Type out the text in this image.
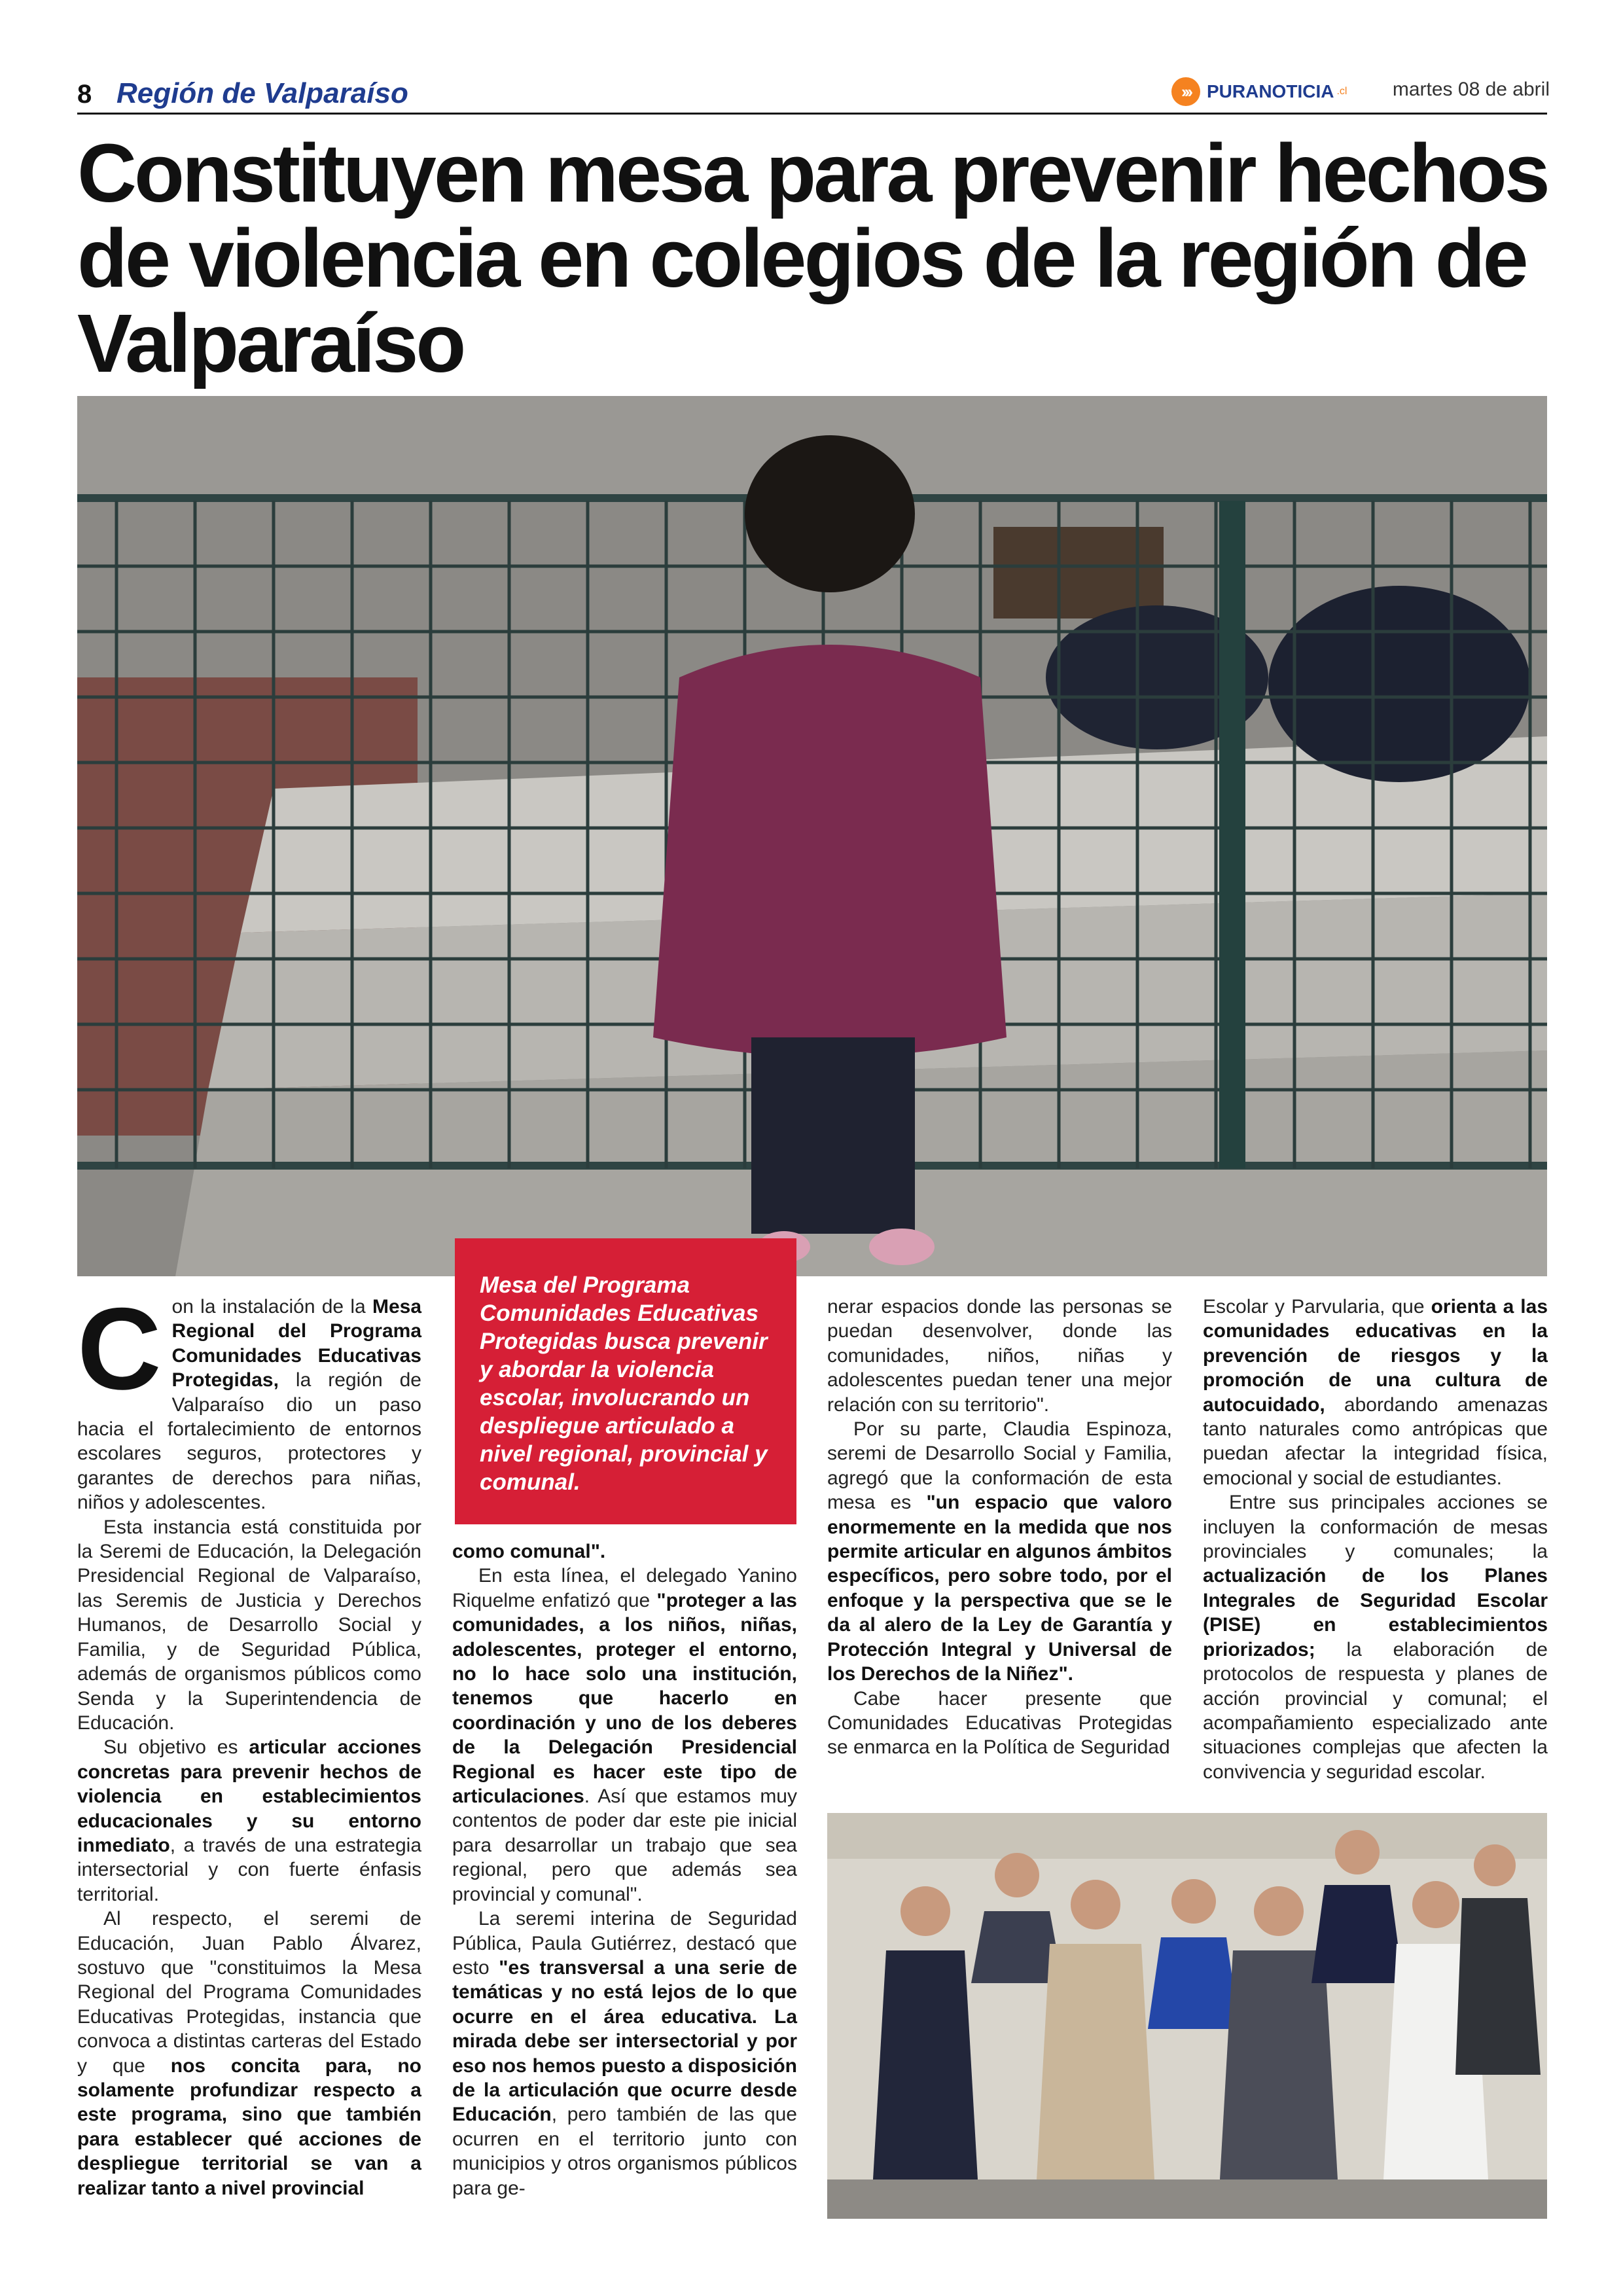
8 Región de Valparaíso	››› PURANOTICIA .cl martes 08 de abril
Constituyen mesa para prevenir hechos de violencia en colegios de la región de Valparaíso
Mesa del Programa Comunidades Educativas Protegidas busca prevenir y abordar la violencia escolar, involucrando un despliegue articulado a nivel regional, provincial y comunal.

Con la instalación de la Mesa Regional del Programa Comunidades Educativas Protegidas, la región de Valparaíso dio un paso hacia el fortalecimiento de entornos escolares seguros, protectores y garantes de derechos para niñas, niños y adolescentes.

Esta instancia está constituida por la Seremi de Educación, la Delegación Presidencial Regional de Valparaíso, las Seremis de Justicia y Derechos Humanos, de Desarrollo Social y Familia, y de Seguridad Pública, además de organismos públicos como Senda y la Superintendencia de Educación.

Su objetivo es articular acciones concretas para prevenir hechos de violencia en establecimientos educacionales y su entorno inmediato, a través de una estrategia intersectorial y con fuerte énfasis territorial.

Al respecto, el seremi de Educación, Juan Pablo Álvarez, sostuvo que "constituimos la Mesa Regional del Programa Comunidades Educativas Protegidas, instancia que convoca a distintas carteras del Estado y que nos concita para, no solamente profundizar respecto a este programa, sino que también para establecer qué acciones de despliegue territorial se van a realizar tanto a nivel provincial

como comunal".

En esta línea, el delegado Yanino Riquelme enfatizó que "proteger a las comunidades, a los niños, niñas, adolescentes, proteger el entorno, no lo hace solo una institución, tenemos que hacerlo en coordinación y uno de los deberes de la Delegación Presidencial Regional es hacer este tipo de articulaciones. Así que estamos muy contentos de poder dar este pie inicial para desarrollar un trabajo que sea regional, pero que además sea provincial y comunal".

La seremi interina de Seguridad Pública, Paula Gutiérrez, destacó que esto "es transversal a una serie de temáticas y no está lejos de lo que ocurre en el área educativa. La mirada debe ser intersectorial y por eso nos hemos puesto a disposición de la articulación que ocurre desde Educación, pero también de las que ocurren en el territorio junto con municipios y otros organismos públicos para ge-

nerar espacios donde las personas se puedan desenvolver, donde las comunidades, niños, niñas y adolescentes puedan tener una mejor relación con su territorio".

Por su parte, Claudia Espinoza, seremi de Desarrollo Social y Familia, agregó que la conformación de esta mesa es "un espacio que valoro enormemente en la medida que nos permite articular en algunos ámbitos específicos, pero sobre todo, por el enfoque y la perspectiva que se le da al alero de la Ley de Garantía y Protección Integral y Universal de los Derechos de la Niñez".

Cabe hacer presente que Comunidades Educativas Protegidas se enmarca en la Política de Seguridad

Escolar y Parvularia, que orienta a las comunidades educativas en la prevención de riesgos y la promoción de una cultura de autocuidado, abordando amenazas tanto naturales como antrópicas que puedan afectar la integridad física, emocional y social de estudiantes.

Entre sus principales acciones se incluyen la conformación de mesas provinciales y comunales; la actualización de los Planes Integrales de Seguridad Escolar (PISE) en establecimientos priorizados; la elaboración de protocolos de respuesta y planes de acción provincial y comunal; el acompañamiento especializado ante situaciones complejas que afecten la convivencia y seguridad escolar.
